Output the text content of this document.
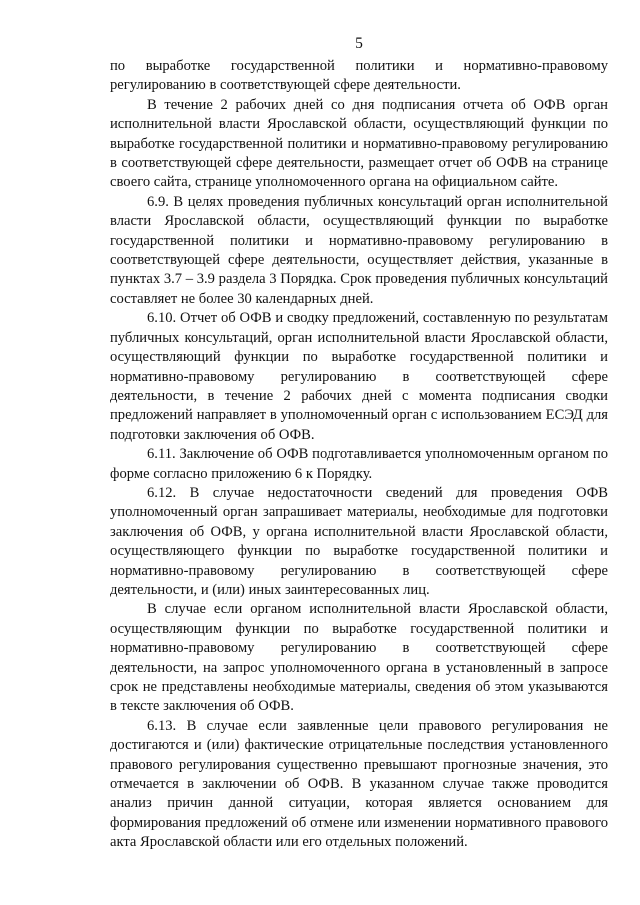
5

по выработке государственной политики и нормативно-правовому регулированию в соответствующей сфере деятельности.

В течение 2 рабочих дней со дня подписания отчета об ОФВ орган исполнительной власти Ярославской области, осуществляющий функции по выработке государственной политики и нормативно-правовому регулированию в соответствующей сфере деятельности, размещает отчет об ОФВ на странице своего сайта, странице уполномоченного органа на официальном сайте.

6.9. В целях проведения публичных консультаций орган исполнительной власти Ярославской области, осуществляющий функции по выработке государственной политики и нормативно-правовому регулированию в соответствующей сфере деятельности, осуществляет действия, указанные в пунктах 3.7 – 3.9 раздела 3 Порядка. Срок проведения публичных консультаций составляет не более 30 календарных дней.

6.10. Отчет об ОФВ и сводку предложений, составленную по результатам публичных консультаций, орган исполнительной власти Ярославской области, осуществляющий функции по выработке государственной политики и нормативно-правовому регулированию в соответствующей сфере деятельности, в течение 2 рабочих дней с момента подписания сводки предложений направляет в уполномоченный орган с использованием ЕСЭД для подготовки заключения об ОФВ.

6.11. Заключение об ОФВ подготавливается уполномоченным органом по форме согласно приложению 6 к Порядку.

6.12. В случае недостаточности сведений для проведения ОФВ уполномоченный орган запрашивает материалы, необходимые для подготовки заключения об ОФВ, у органа исполнительной власти Ярославской области, осуществляющего функции по выработке государственной политики и нормативно-правовому регулированию в соответствующей сфере деятельности, и (или) иных заинтересованных лиц.

В случае если органом исполнительной власти Ярославской области, осуществляющим функции по выработке государственной политики и нормативно-правовому регулированию в соответствующей сфере деятельности, на запрос уполномоченного органа в установленный в запросе срок не представлены необходимые материалы, сведения об этом указываются в тексте заключения об ОФВ.

6.13. В случае если заявленные цели правового регулирования не достигаются и (или) фактические отрицательные последствия установленного правового регулирования существенно превышают прогнозные значения, это отмечается в заключении об ОФВ. В указанном случае также проводится анализ причин данной ситуации, которая является основанием для формирования предложений об отмене или изменении нормативного правового акта Ярославской области или его отдельных положений.
